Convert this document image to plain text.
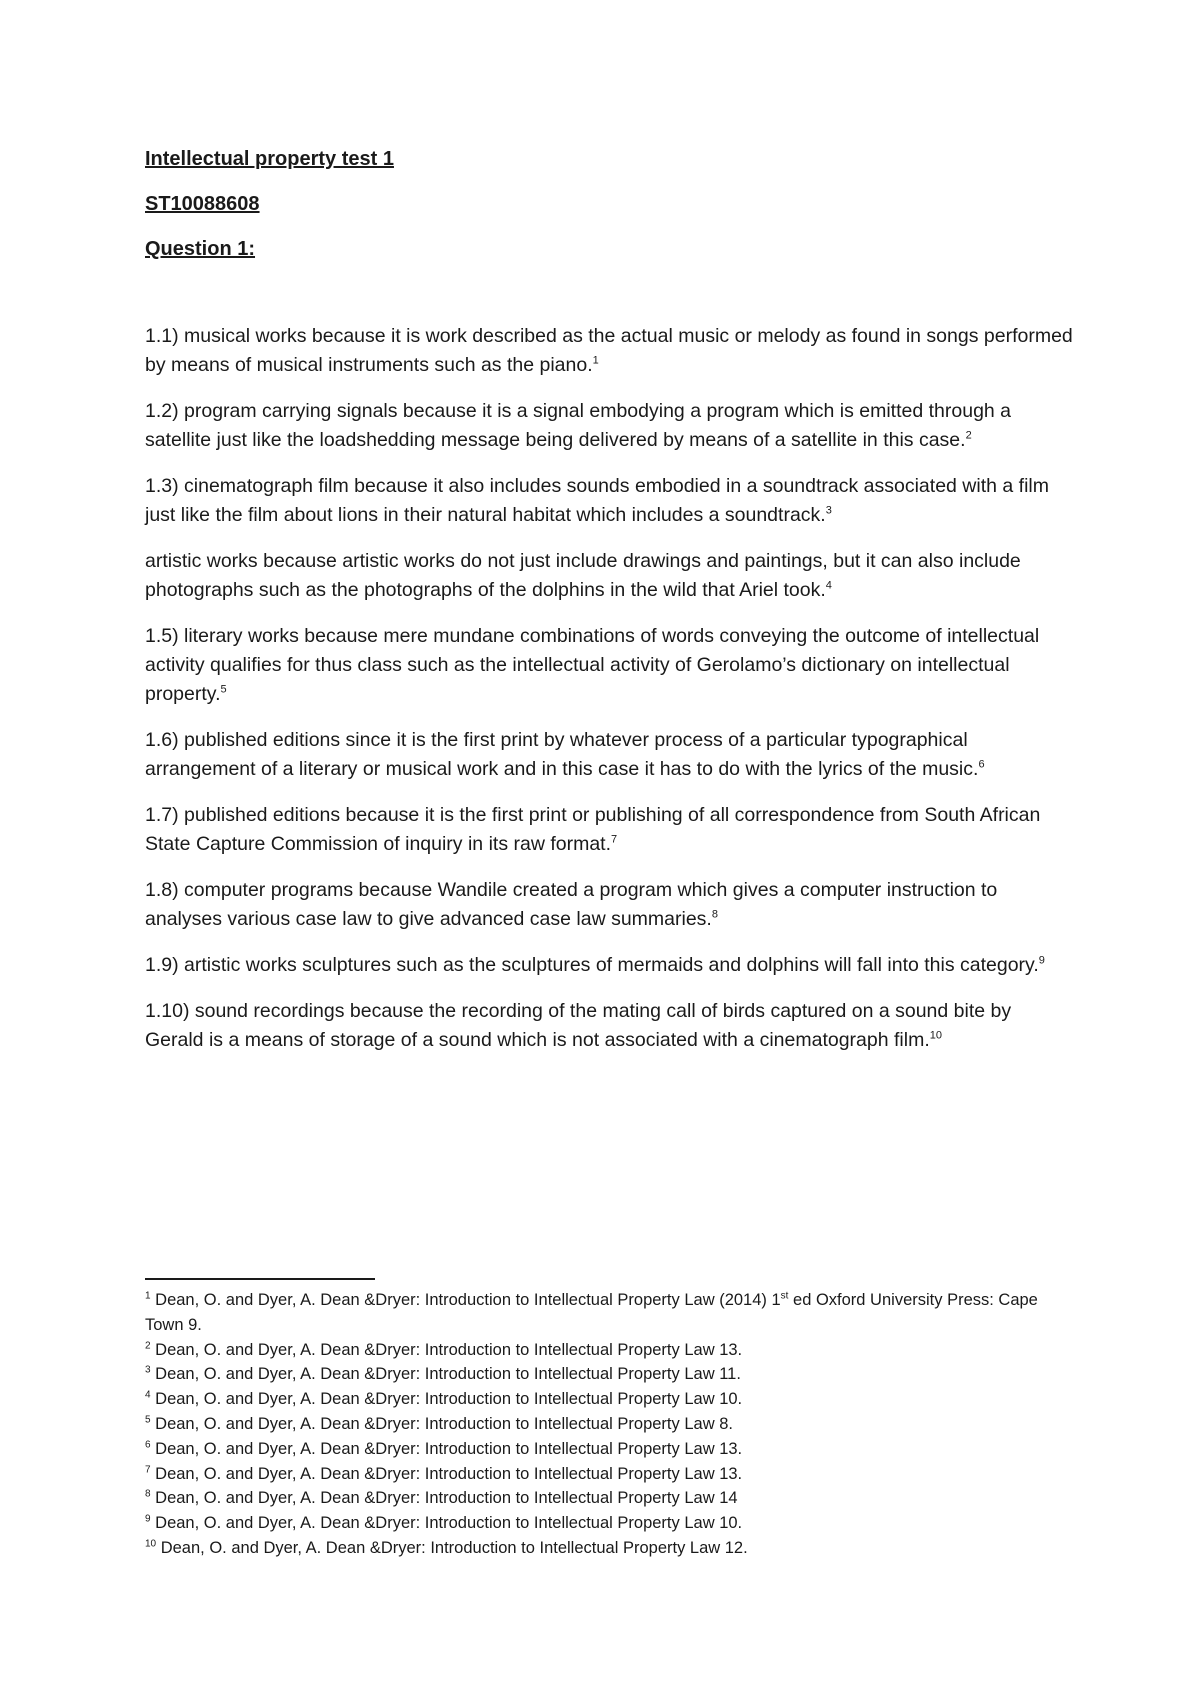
Intellectual property test 1
ST10088608
Question 1:

1.1) musical works because it is work described as the actual music or melody as found in songs performed by means of musical instruments such as the piano.$^1$

1.2) program carrying signals because it is a signal embodying a program which is emitted through a satellite just like the loadshedding message being delivered by means of a satellite in this case.$^2$

1.3) cinematograph film because it also includes sounds embodied in a soundtrack associated with a film just like the film about lions in their natural habitat which includes a soundtrack.$^3$

artistic works because artistic works do not just include drawings and paintings, but it can also include photographs such as the photographs of the dolphins in the wild that Ariel took.$^4$

1.5) literary works because mere mundane combinations of words conveying the outcome of intellectual activity qualifies for thus class such as the intellectual activity of Gerolamo’s dictionary on intellectual property.$^5$

1.6) published editions since it is the first print by whatever process of a particular typographical arrangement of a literary or musical work and in this case it has to do with the lyrics of the music.$^6$

1.7) published editions because it is the first print or publishing of all correspondence from South African State Capture Commission of inquiry in its raw format.$^7$

1.8) computer programs because Wandile created a program which gives a computer instruction to analyses various case law to give advanced case law summaries.$^8$

1.9) artistic works sculptures such as the sculptures of mermaids and dolphins will fall into this category.$^9$

1.10) sound recordings because the recording of the mating call of birds captured on a sound bite by Gerald is a means of storage of a sound which is not associated with a cinematograph film.$^{10}$

$^1$ Dean, O. and Dyer, A. Dean &Dryer: Introduction to Intellectual Property Law (2014) 1st ed Oxford University Press: Cape Town 9.

$^2$ Dean, O. and Dyer, A. Dean &Dryer: Introduction to Intellectual Property Law 13.

$^3$ Dean, O. and Dyer, A. Dean &Dryer: Introduction to Intellectual Property Law 11.

$^4$ Dean, O. and Dyer, A. Dean &Dryer: Introduction to Intellectual Property Law 10.

$^5$ Dean, O. and Dyer, A. Dean &Dryer: Introduction to Intellectual Property Law 8.

$^6$ Dean, O. and Dyer, A. Dean &Dryer: Introduction to Intellectual Property Law 13.

$^7$ Dean, O. and Dyer, A. Dean &Dryer: Introduction to Intellectual Property Law 13.

$^8$ Dean, O. and Dyer, A. Dean &Dryer: Introduction to Intellectual Property Law 14

$^9$ Dean, O. and Dyer, A. Dean &Dryer: Introduction to Intellectual Property Law 10.

$^{10}$ Dean, O. and Dyer, A. Dean &Dryer: Introduction to Intellectual Property Law 12.
